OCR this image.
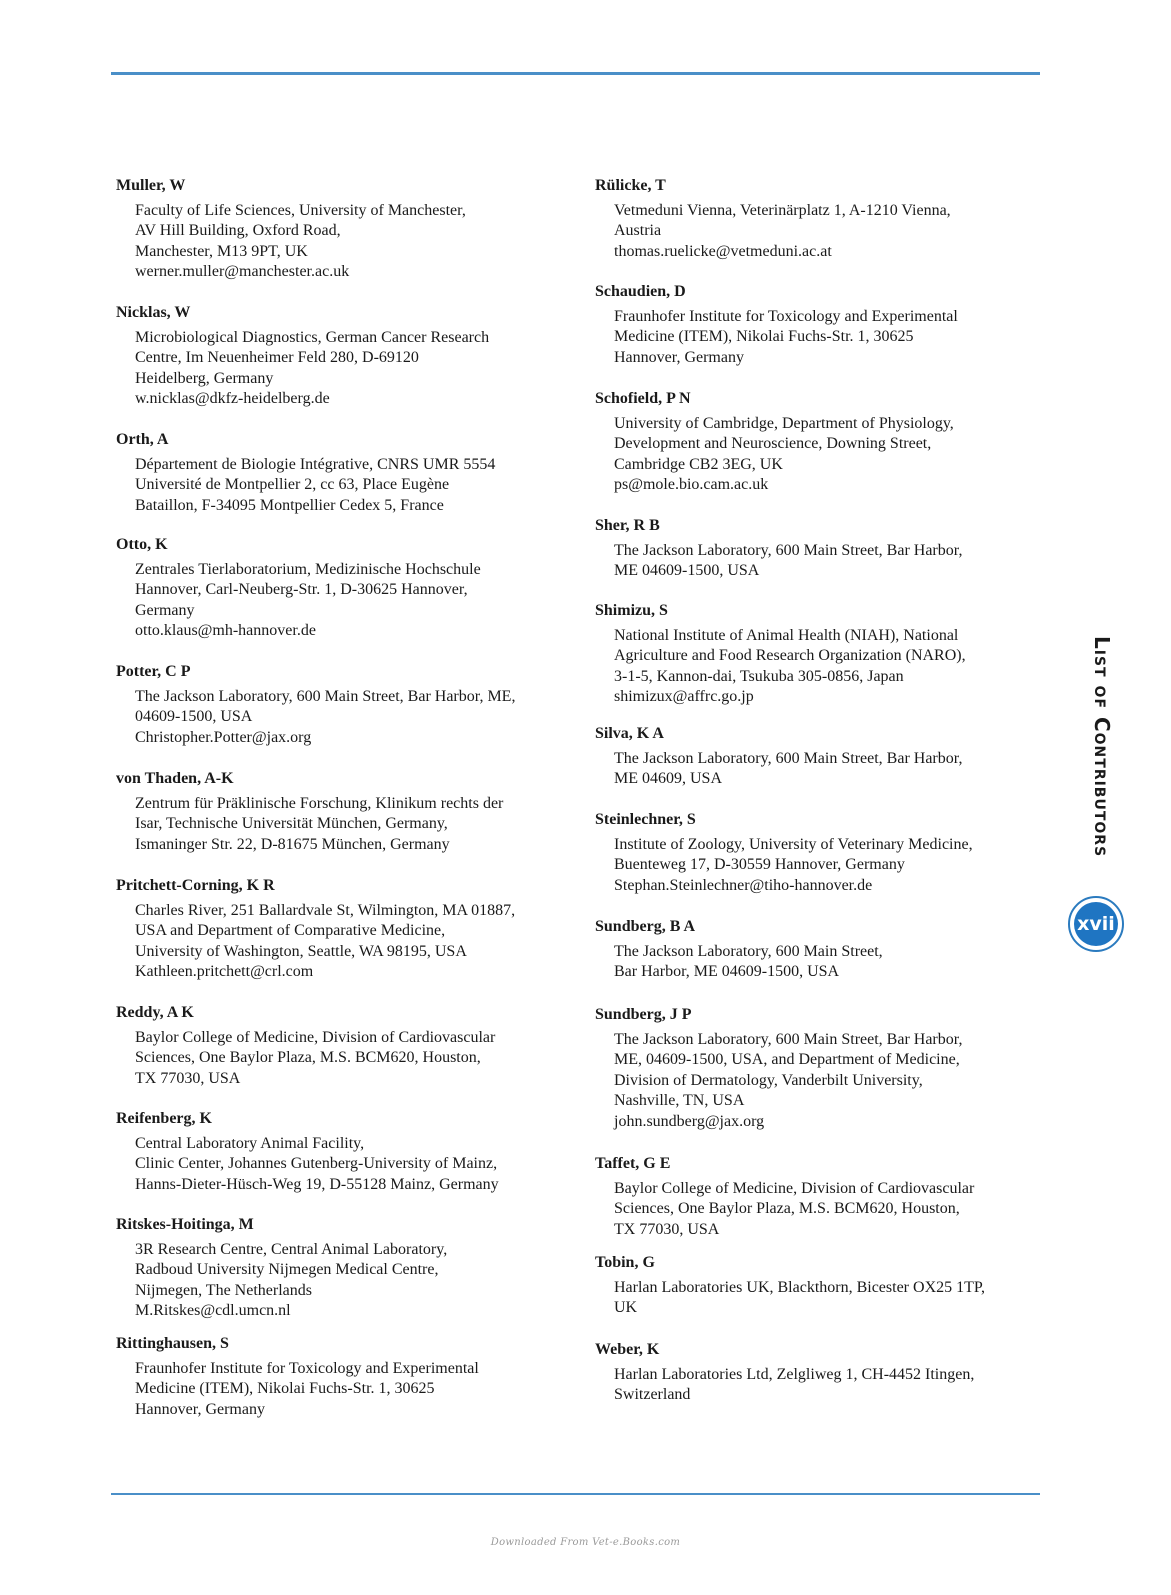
Muller, W
Faculty of Life Sciences, University of Manchester,
AV Hill Building, Oxford Road,
Manchester, M13 9PT, UK
werner.muller@manchester.ac.uk
Nicklas, W
Microbiological Diagnostics, German Cancer Research
Centre, Im Neuenheimer Feld 280, D-69120
Heidelberg, Germany
w.nicklas@dkfz-heidelberg.de
Orth, A
Département de Biologie Intégrative, CNRS UMR 5554
Université de Montpellier 2, cc 63, Place Eugène
Bataillon, F-34095 Montpellier Cedex 5, France
Otto, K
Zentrales Tierlaboratorium, Medizinische Hochschule
Hannover, Carl-Neuberg-Str. 1, D-30625 Hannover,
Germany
otto.klaus@mh-hannover.de
Potter, C P
The Jackson Laboratory, 600 Main Street, Bar Harbor, ME,
04609-1500, USA
Christopher.Potter@jax.org
von Thaden, A-K
Zentrum für Präklinische Forschung, Klinikum rechts der
Isar, Technische Universität München, Germany,
Ismaninger Str. 22, D-81675 München, Germany
Pritchett-Corning, K R
Charles River, 251 Ballardvale St, Wilmington, MA 01887,
USA and Department of Comparative Medicine,
University of Washington, Seattle, WA 98195, USA
Kathleen.pritchett@crl.com
Reddy, A K
Baylor College of Medicine, Division of Cardiovascular
Sciences, One Baylor Plaza, M.S. BCM620, Houston,
TX 77030, USA
Reifenberg, K
Central Laboratory Animal Facility,
Clinic Center, Johannes Gutenberg-University of Mainz,
Hanns-Dieter-Hüsch-Weg 19, D-55128 Mainz, Germany
Ritskes-Hoitinga, M
3R Research Centre, Central Animal Laboratory,
Radboud University Nijmegen Medical Centre,
Nijmegen, The Netherlands
M.Ritskes@cdl.umcn.nl
Rittinghausen, S
Fraunhofer Institute for Toxicology and Experimental
Medicine (ITEM), Nikolai Fuchs-Str. 1, 30625
Hannover, Germany
Rülicke, T
Vetmeduni Vienna, Veterinärplatz 1, A-1210 Vienna,
Austria
thomas.ruelicke@vetmeduni.ac.at
Schaudien, D
Fraunhofer Institute for Toxicology and Experimental
Medicine (ITEM), Nikolai Fuchs-Str. 1, 30625
Hannover, Germany
Schofield, P N
University of Cambridge, Department of Physiology,
Development and Neuroscience, Downing Street,
Cambridge CB2 3EG, UK
ps@mole.bio.cam.ac.uk
Sher, R B
The Jackson Laboratory, 600 Main Street, Bar Harbor,
ME 04609-1500, USA
Shimizu, S
National Institute of Animal Health (NIAH), National
Agriculture and Food Research Organization (NARO),
3-1-5, Kannon-dai, Tsukuba 305-0856, Japan
shimizux@affrc.go.jp
Silva, K A
The Jackson Laboratory, 600 Main Street, Bar Harbor,
ME 04609, USA
Steinlechner, S
Institute of Zoology, University of Veterinary Medicine,
Buenteweg 17, D-30559 Hannover, Germany
Stephan.Steinlechner@tiho-hannover.de
Sundberg, B A
The Jackson Laboratory, 600 Main Street,
Bar Harbor, ME 04609-1500, USA
Sundberg, J P
The Jackson Laboratory, 600 Main Street, Bar Harbor,
ME, 04609-1500, USA, and Department of Medicine,
Division of Dermatology, Vanderbilt University,
Nashville, TN, USA
john.sundberg@jax.org
Taffet, G E
Baylor College of Medicine, Division of Cardiovascular
Sciences, One Baylor Plaza, M.S. BCM620, Houston,
TX 77030, USA
Tobin, G
Harlan Laboratories UK, Blackthorn, Bicester OX25 1TP,
UK
Weber, K
Harlan Laboratories Ltd, Zelgliweg 1, CH-4452 Itingen,
Switzerland
List of Contributors
xvii
Downloaded From Vet-e.Books.com
